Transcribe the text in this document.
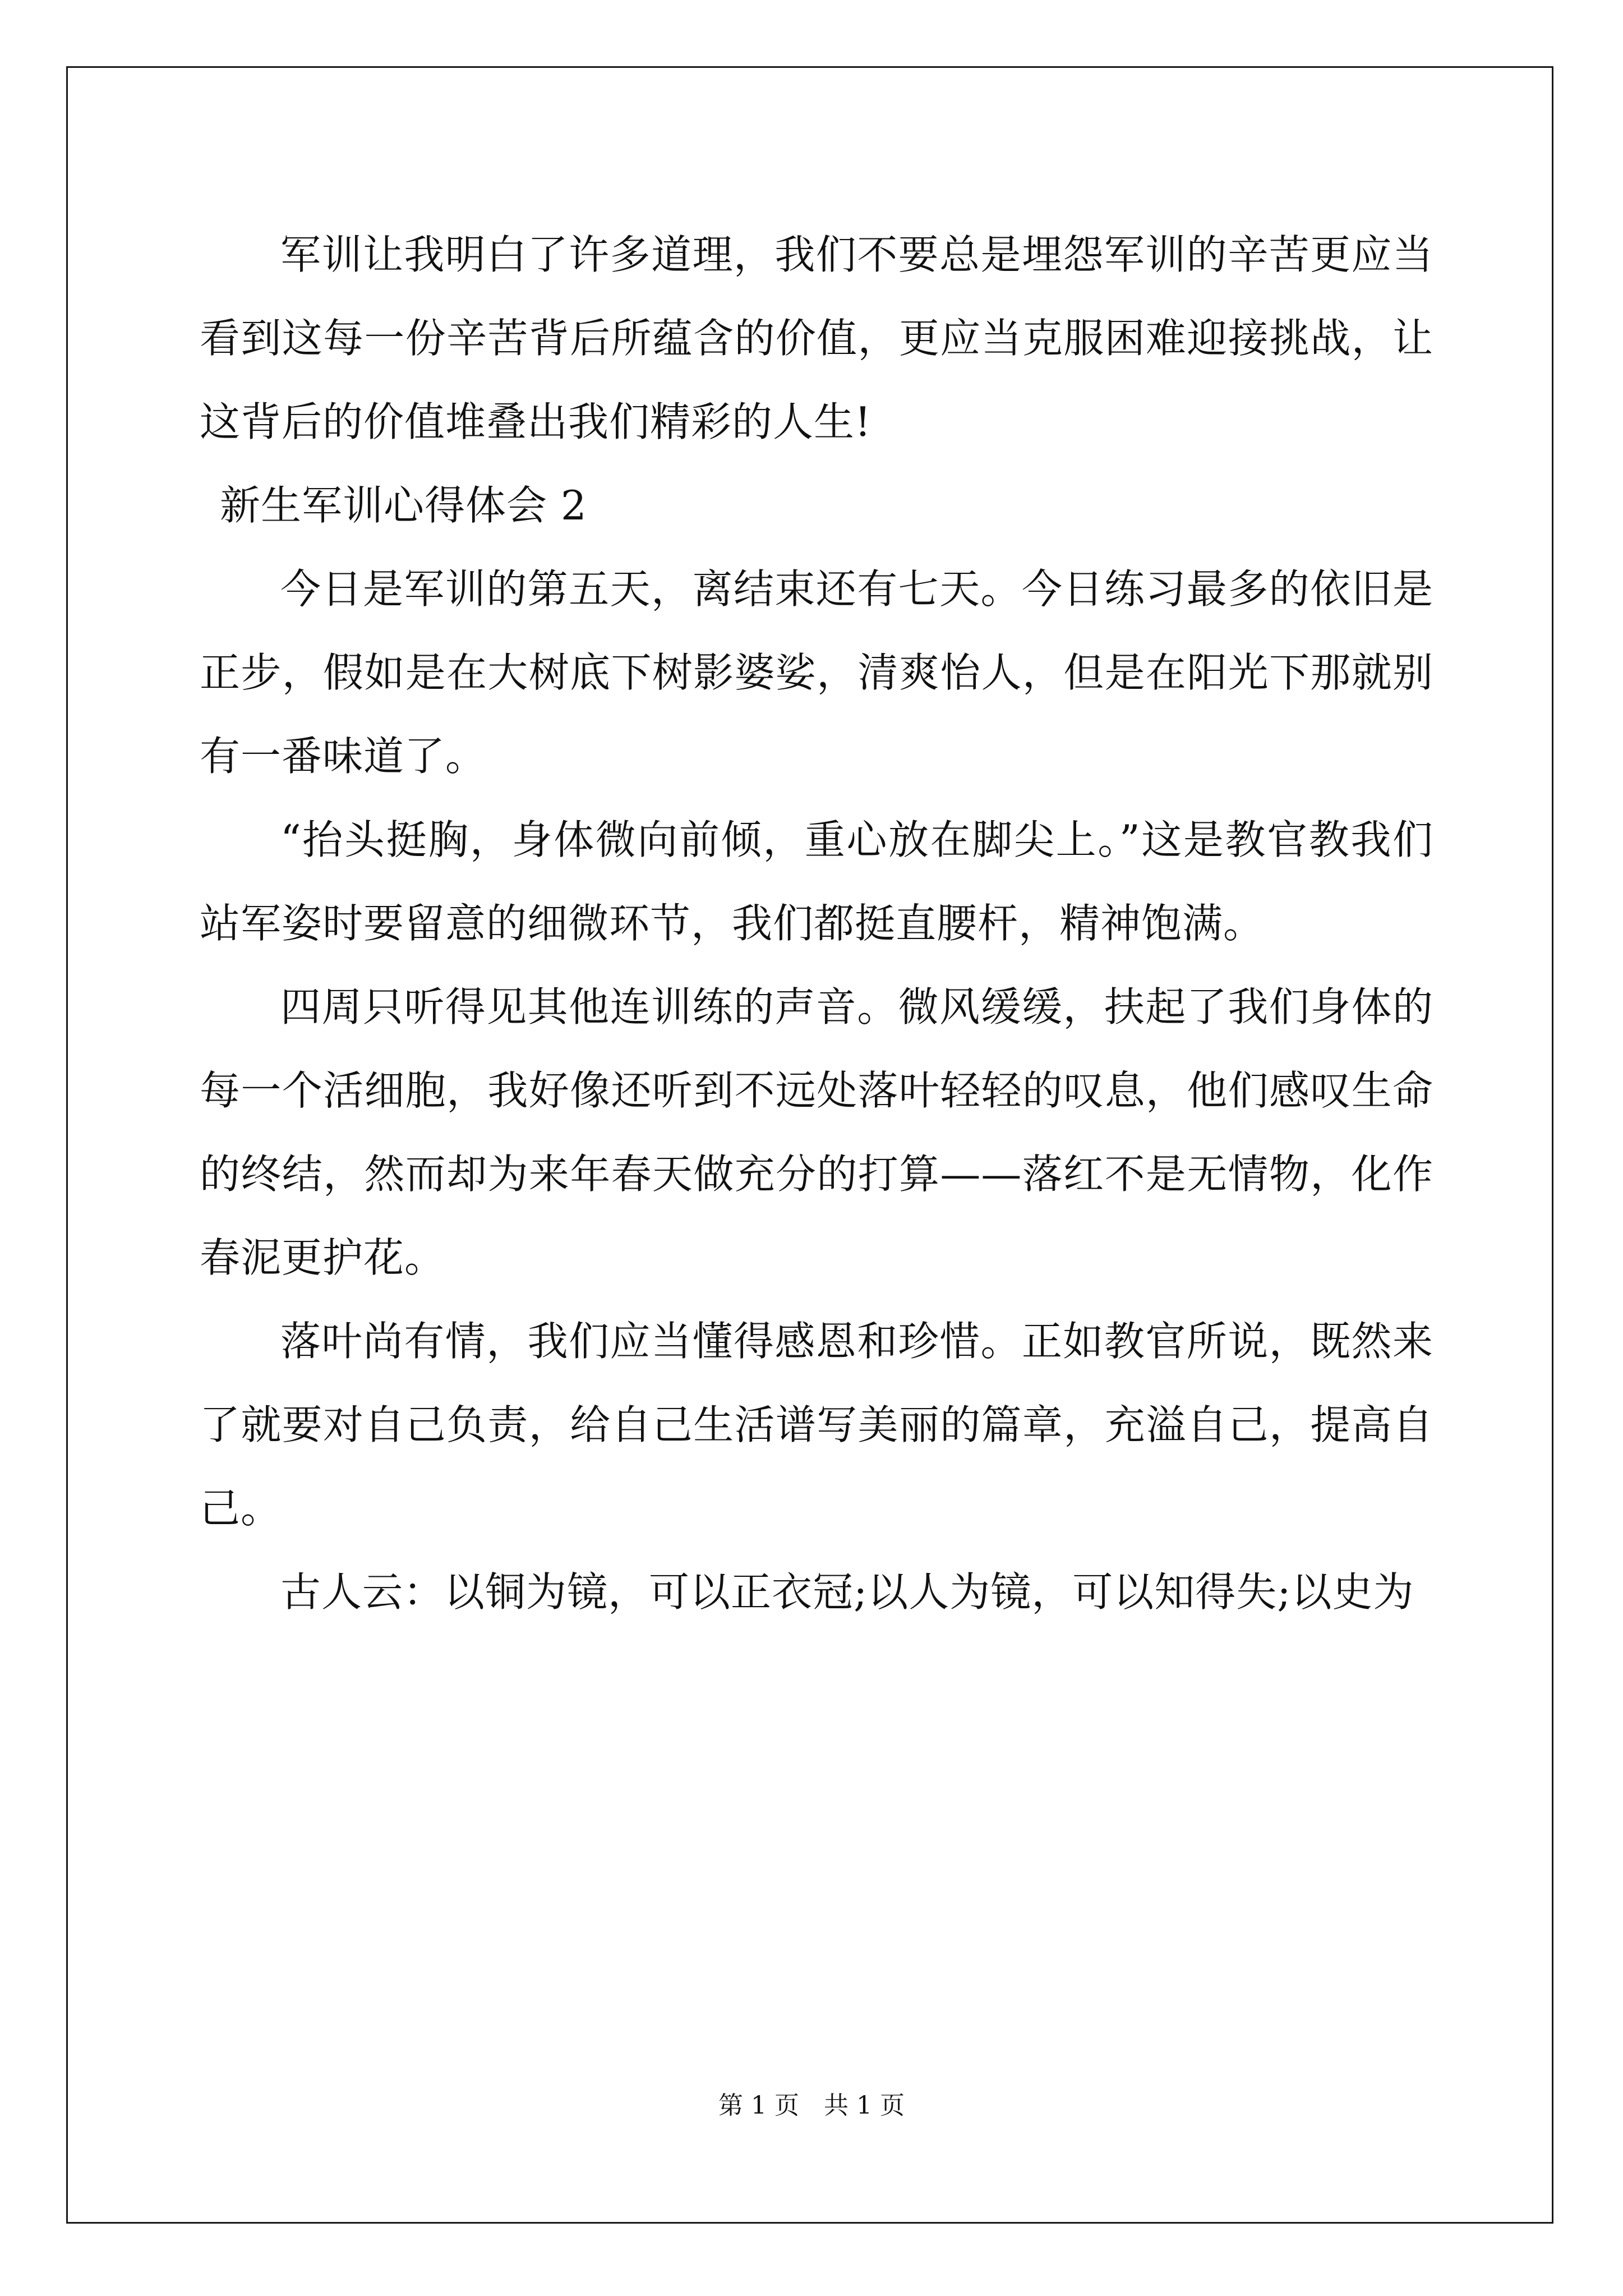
军训让我明白了许多道理，我们不要总是埋怨军训的辛苦更应当看到这每一份辛苦背后所蕴含的价值，更应当克服困难迎接挑战，让这背后的价值堆叠出我们精彩的人生!

新生军训心得体会 2

今日是军训的第五天，离结束还有七天。今日练习最多的依旧是正步，假如是在大树底下树影婆娑，清爽怡人，但是在阳光下那就别有一番味道了。

“抬头挺胸，身体微向前倾，重心放在脚尖上。”这是教官教我们站军姿时要留意的细微环节，我们都挺直腰杆，精神饱满。

四周只听得见其他连训练的声音。微风缓缓，扶起了我们身体的每一个活细胞，我好像还听到不远处落叶轻轻的叹息，他们感叹生命的终结，然而却为来年春天做充分的打算——落红不是无情物，化作春泥更护花。

落叶尚有情，我们应当懂得感恩和珍惜。正如教官所说，既然来了就要对自己负责，给自己生活谱写美丽的篇章，充溢自己，提高自己。

古人云：以铜为镜，可以正衣冠;以人为镜，可以知得失;以史为

第 1 页　共 1 页
